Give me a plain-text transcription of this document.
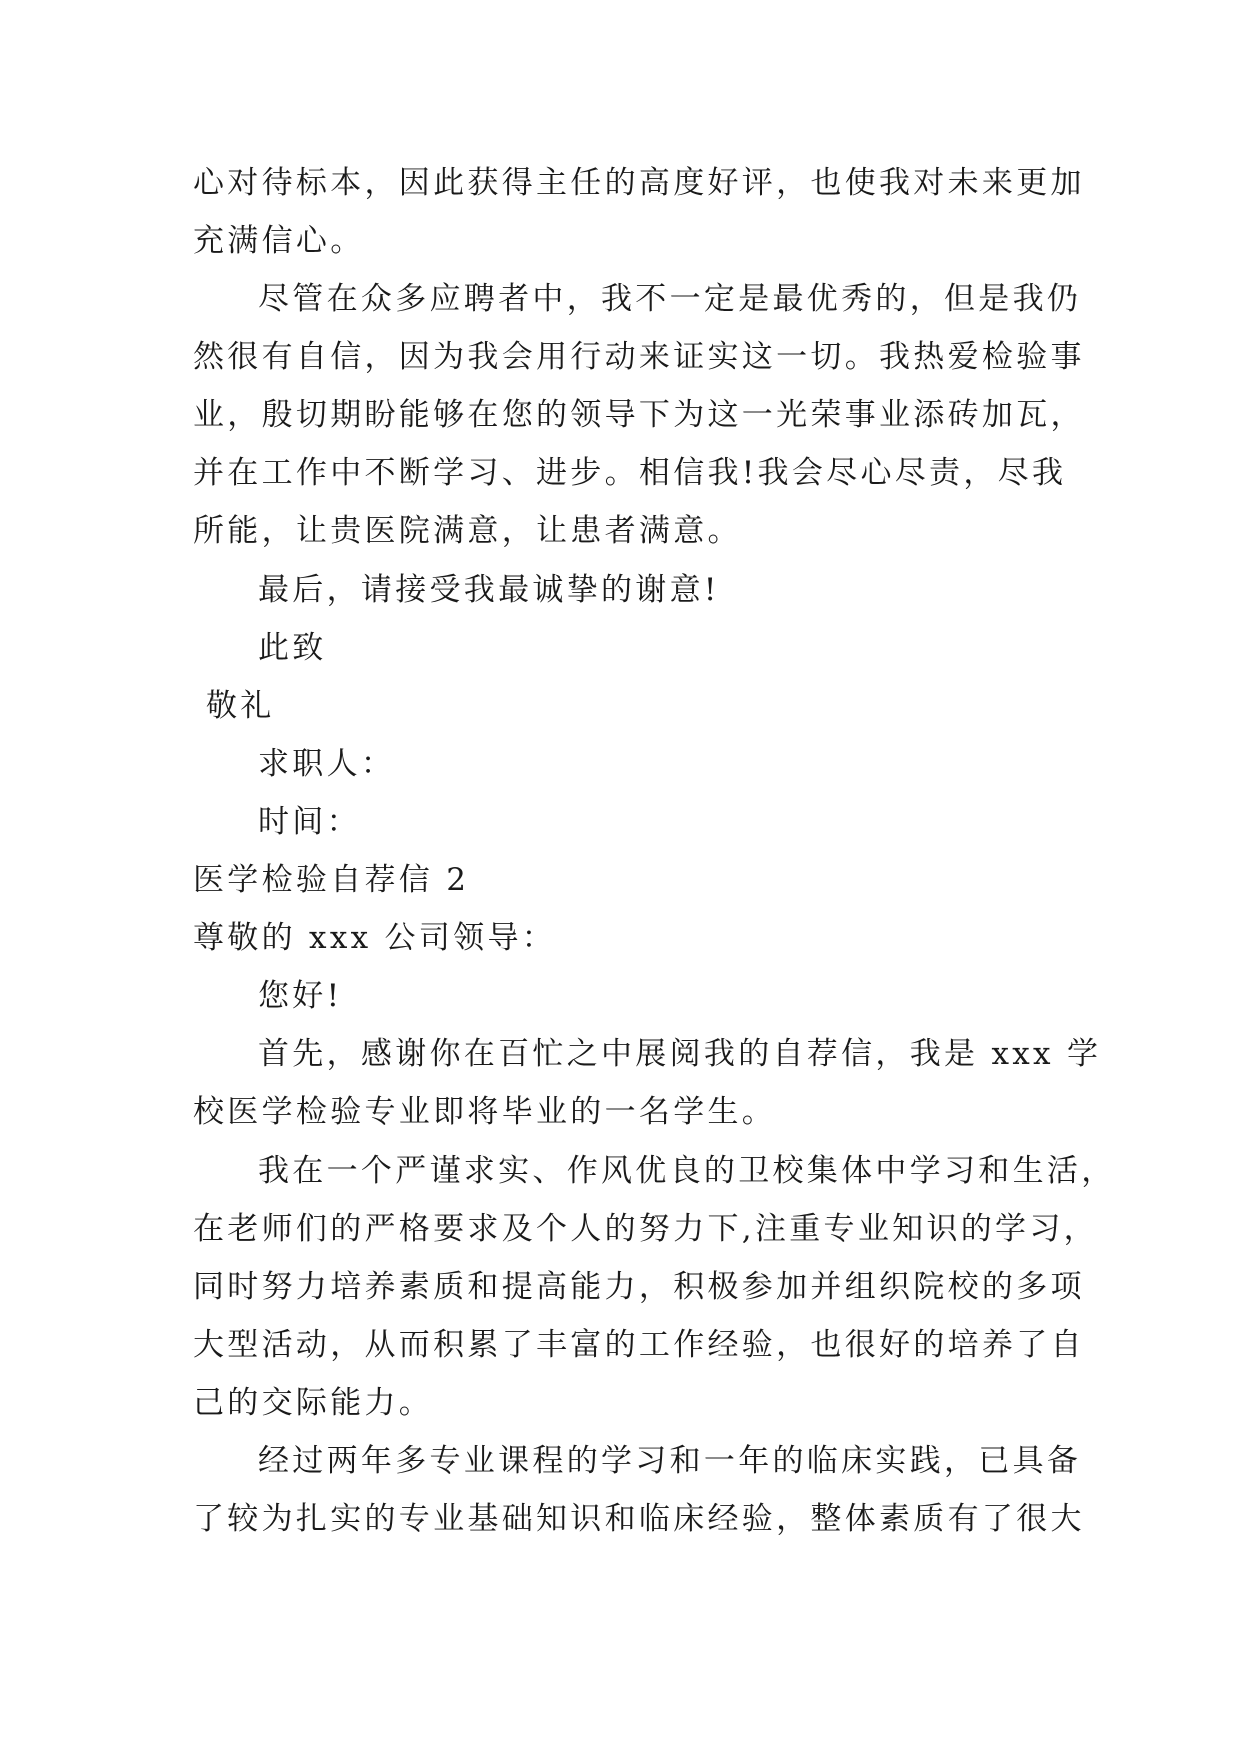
心对待标本，因此获得主任的高度好评，也使我对未来更加
充满信心。
尽管在众多应聘者中，我不一定是最优秀的，但是我仍
然很有自信，因为我会用行动来证实这一切。我热爱检验事
业，殷切期盼能够在您的领导下为这一光荣事业添砖加瓦，
并在工作中不断学习、进步。相信我!我会尽心尽责，尽我
所能，让贵医院满意，让患者满意。
最后，请接受我最诚挚的谢意!
此致
敬礼
求职人：
时间：
医学检验自荐信 2
尊敬的 xxx 公司领导：
您好!
首先，感谢你在百忙之中展阅我的自荐信，我是 xxx 学
校医学检验专业即将毕业的一名学生。
我在一个严谨求实、作风优良的卫校集体中学习和生活，
在老师们的严格要求及个人的努力下,注重专业知识的学习，
同时努力培养素质和提高能力，积极参加并组织院校的多项
大型活动，从而积累了丰富的工作经验，也很好的培养了自
己的交际能力。
经过两年多专业课程的学习和一年的临床实践，已具备
了较为扎实的专业基础知识和临床经验，整体素质有了很大
